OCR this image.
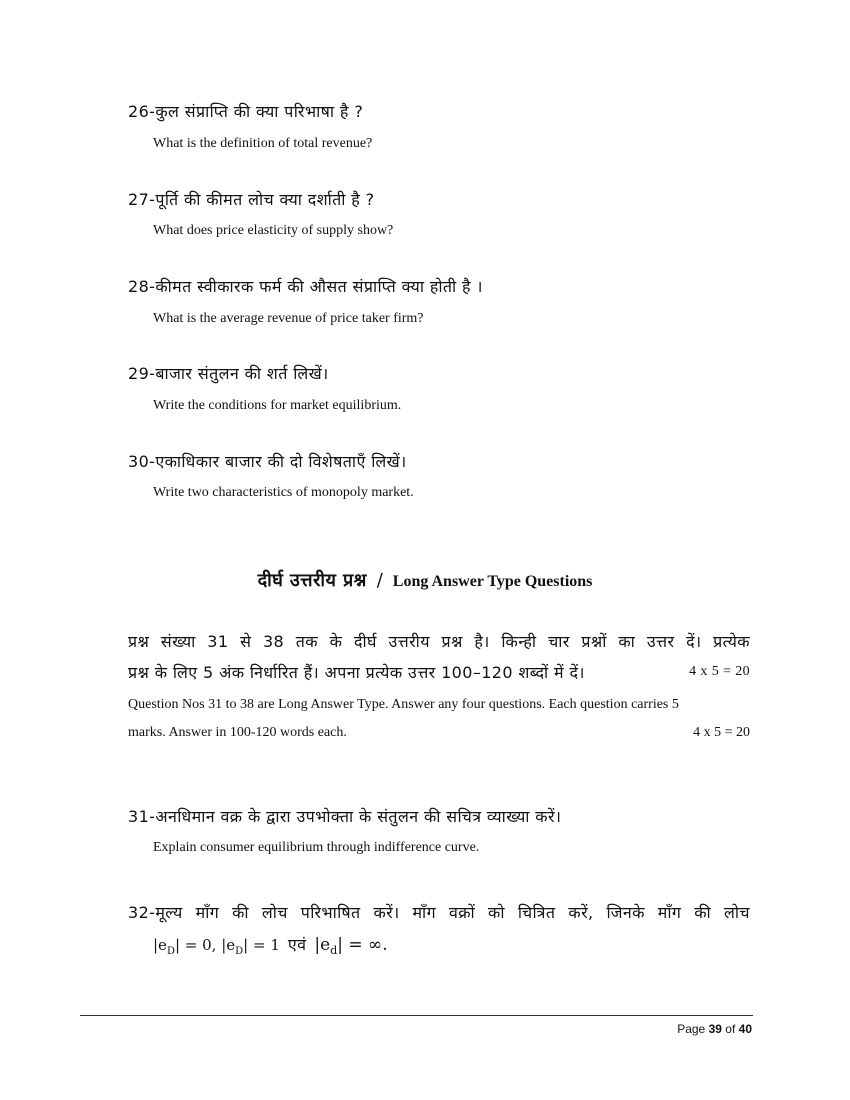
26-कुल संप्राप्ति की क्या परिभाषा है ?
What is the definition of total revenue?
27-पूर्ति की कीमत लोच क्या दर्शाती है ?
What does price elasticity of supply show?
28-कीमत स्वीकारक फर्म की औसत संप्राप्ति क्या होती है ।
What is the average revenue of price taker firm?
29-बाजार संतुलन की शर्त लिखें।
Write the conditions for market equilibrium.
30-एकाधिकार बाजार की दो विशेषताएँ लिखें।
Write two characteristics of monopoly market.
दीर्घ उत्तरीय प्रश्न / Long Answer Type Questions
प्रश्न संख्या 31 से 38 तक के दीर्घ उत्तरीय प्रश्न है। किन्ही चार प्रश्नों का उत्तर दें। प्रत्येक
प्रश्न के लिए 5 अंक निर्धारित हैं। अपना प्रत्येक उत्तर 100–120 शब्दों में दें।	4 x 5 = 20
Question Nos 31 to 38 are Long Answer Type. Answer any four questions. Each question carries 5
marks. Answer in 100-120 words each.	4 x 5 = 20
31-अनधिमान वक्र के द्वारा उपभोक्ता के संतुलन की सचित्र व्याख्या करें।
Explain consumer equilibrium through indifference curve.
32-मूल्य माँग की लोच परिभाषित करें। माँग वक्रों को चित्रित करें, जिनके माँग की लोच
$|e_D| = 0$, $|e_D| = 1$ एवं $|e_d|$ = ∞.
Page 39 of 40
